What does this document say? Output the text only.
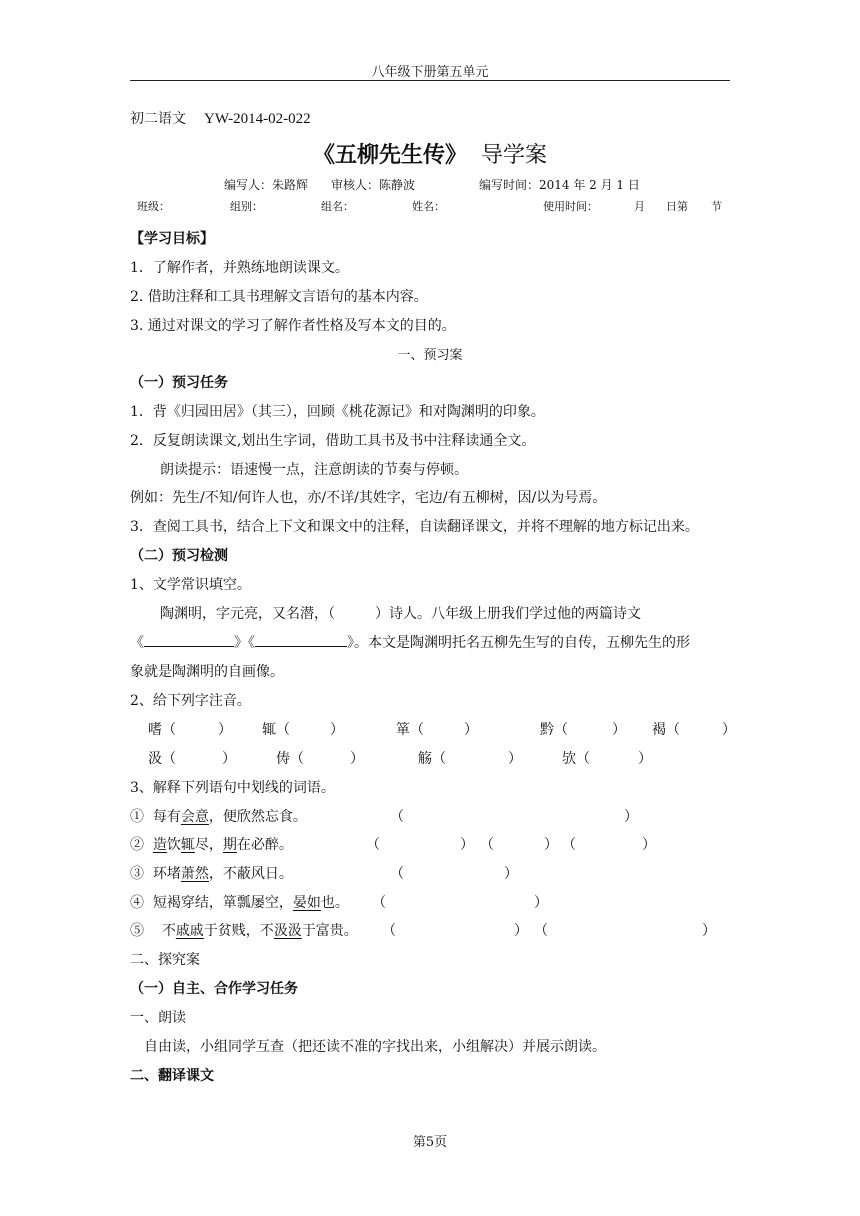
八年级下册第五单元
初二语文 YW-2014-02-022
《五柳先生传》 导学案
编写人：朱路辉 审核人：陈静波	编写时间：2014 年 2 月 1 日
班级：	组别：	组名：	姓名：	使用时间：	月 日第 节
【学习目标】
1．了解作者，并熟练地朗读课文。
2. 借助注释和工具书理解文言语句的基本内容。
3. 通过对课文的学习了解作者性格及写本文的目的。
一、预习案
（一）预习任务
1．背《归园田居》（其三），回顾《桃花源记》和对陶渊明的印象。
2．反复朗读课文,划出生字词，借助工具书及书中注释读通全文。
朗读提示：语速慢一点，注意朗读的节奏与停顿。
例如：先生/不知/何许人也，亦/不详/其姓字，宅边/有五柳树，因/以为号焉。
3．查阅工具书，结合上下文和课文中的注释，自读翻译课文，并将不理解的地方标记出来。
（二）预习检测
1、文学常识填空。
陶渊明，字元亮，又名潜，（	）诗人。八年级上册我们学过他的两篇诗文
《	》《	》。本文是陶渊明托名五柳先生写的自传，五柳先生的形
象就是陶渊明的自画像。
2、给下列字注音。
嗜（	） 辄（	）	箪（	）	黔（	） 褐（	）
汲（	）	俦（	）	觞（	）	欤（	）
3、解释下列语句中划线的词语。
① 每有会意，便欣然忘食。	（	）
② 造饮辄尽，期在必醉。	（	） （	） （	）
③ 环堵萧然，不蔽风日。	（	）
④ 短褐穿结，箪瓢屡空，晏如也。 （	）
⑤ 不戚戚于贫贱，不汲汲于富贵。 （	） （	）
二、探究案
（一）自主、合作学习任务
一、朗读
自由读，小组同学互查（把还读不准的字找出来，小组解决）并展示朗读。
二、翻译课文
第5页
